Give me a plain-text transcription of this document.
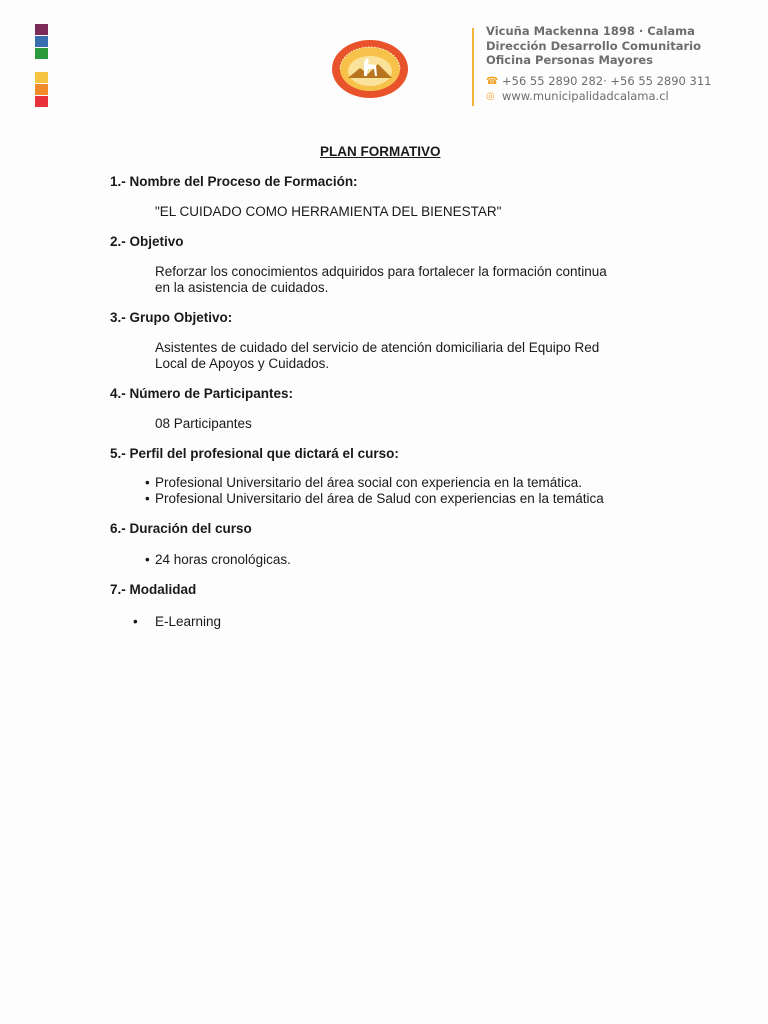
Vicuña Mackenna 1898 · Calama
Dirección Desarrollo Comunitario
Oficina Personas Mayores
☎ +56 55 2890 282· +56 55 2890 311
◎ www.municipalidadcalama.cl
PLAN FORMATIVO
1.- Nombre del Proceso de Formación:
"EL CUIDADO COMO HERRAMIENTA DEL BIENESTAR"
2.- Objetivo
Reforzar los conocimientos adquiridos para fortalecer la formación continua
en la asistencia de cuidados.
3.- Grupo Objetivo:
Asistentes de cuidado del servicio de atención domiciliaria del Equipo Red
Local de Apoyos y Cuidados.
4.- Número de Participantes:
08 Participantes
5.- Perfil del profesional que dictará el curso:
• Profesional Universitario del área social con experiencia en la temática.
• Profesional Universitario del área de Salud con experiencias en la temática
6.- Duración del curso
• 24 horas cronológicas.
7.- Modalidad
• E-Learning
